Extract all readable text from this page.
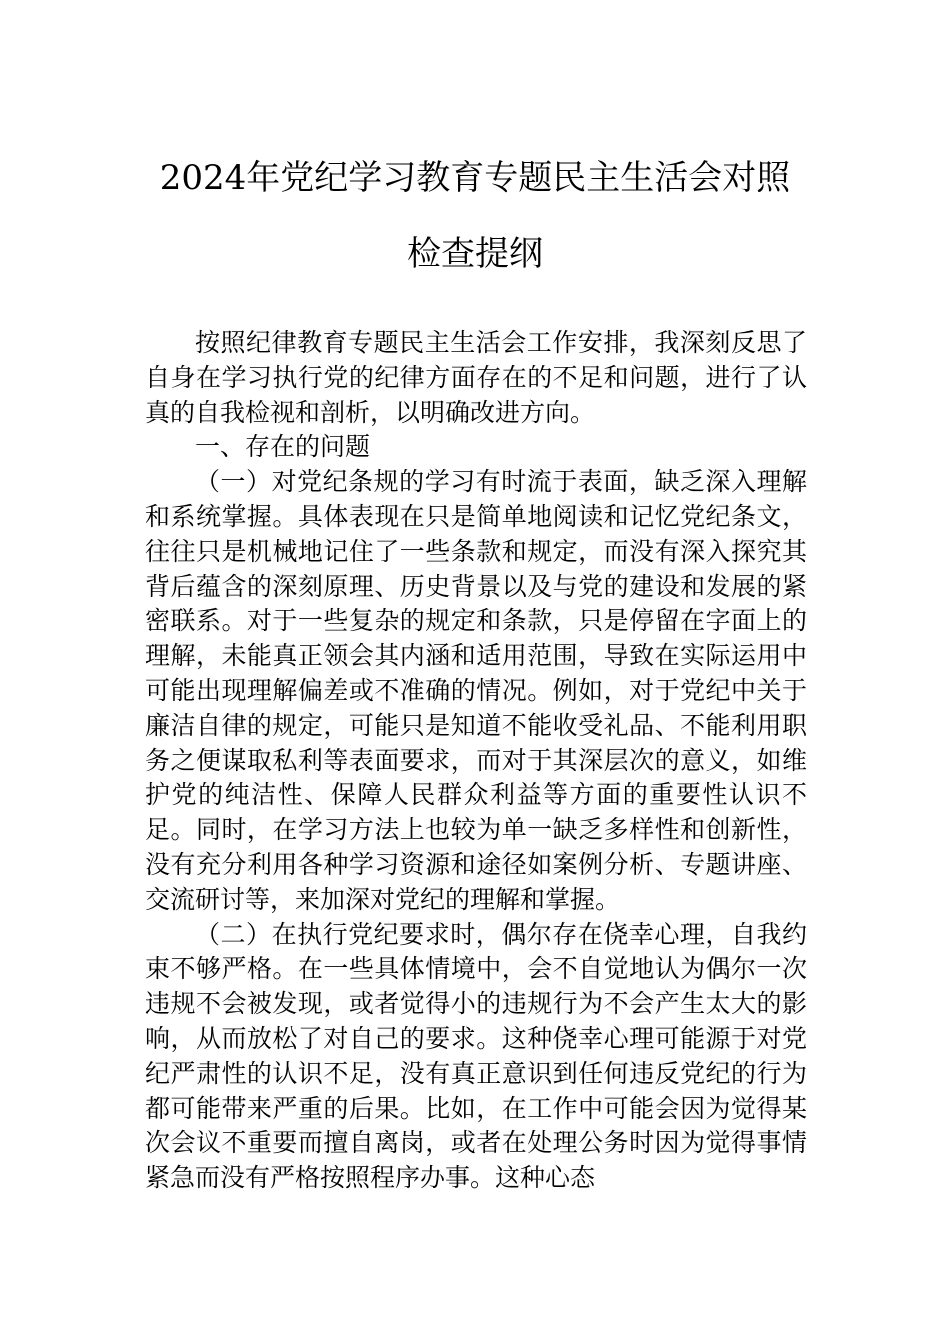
2024年党纪学习教育专题民主生活会对照
检查提纲

按照纪律教育专题民主生活会工作安排，我深刻反思了自身在学习执行党的纪律方面存在的不足和问题，进行了认真的自我检视和剖析，以明确改进方向。

一、存在的问题

（一）对党纪条规的学习有时流于表面，缺乏深入理解和系统掌握。具体表现在只是简单地阅读和记忆党纪条文，往往只是机械地记住了一些条款和规定，而没有深入探究其背后蕴含的深刻原理、历史背景以及与党的建设和发展的紧密联系。对于一些复杂的规定和条款，只是停留在字面上的理解，未能真正领会其内涵和适用范围，导致在实际运用中可能出现理解偏差或不准确的情况。例如，对于党纪中关于廉洁自律的规定，可能只是知道不能收受礼品、不能利用职务之便谋取私利等表面要求，而对于其深层次的意义，如维护党的纯洁性、保障人民群众利益等方面的重要性认识不足。同时，在学习方法上也较为单一缺乏多样性和创新性，没有充分利用各种学习资源和途径如案例分析、专题讲座、交流研讨等，来加深对党纪的理解和掌握。

（二）在执行党纪要求时，偶尔存在侥幸心理，自我约束不够严格。在一些具体情境中，会不自觉地认为偶尔一次违规不会被发现，或者觉得小的违规行为不会产生太大的影响，从而放松了对自己的要求。这种侥幸心理可能源于对党纪严肃性的认识不足，没有真正意识到任何违反党纪的行为都可能带来严重的后果。比如，在工作中可能会因为觉得某次会议不重要而擅自离岗，或者在处理公务时因为觉得事情紧急而没有严格按照程序办事。这种心态
